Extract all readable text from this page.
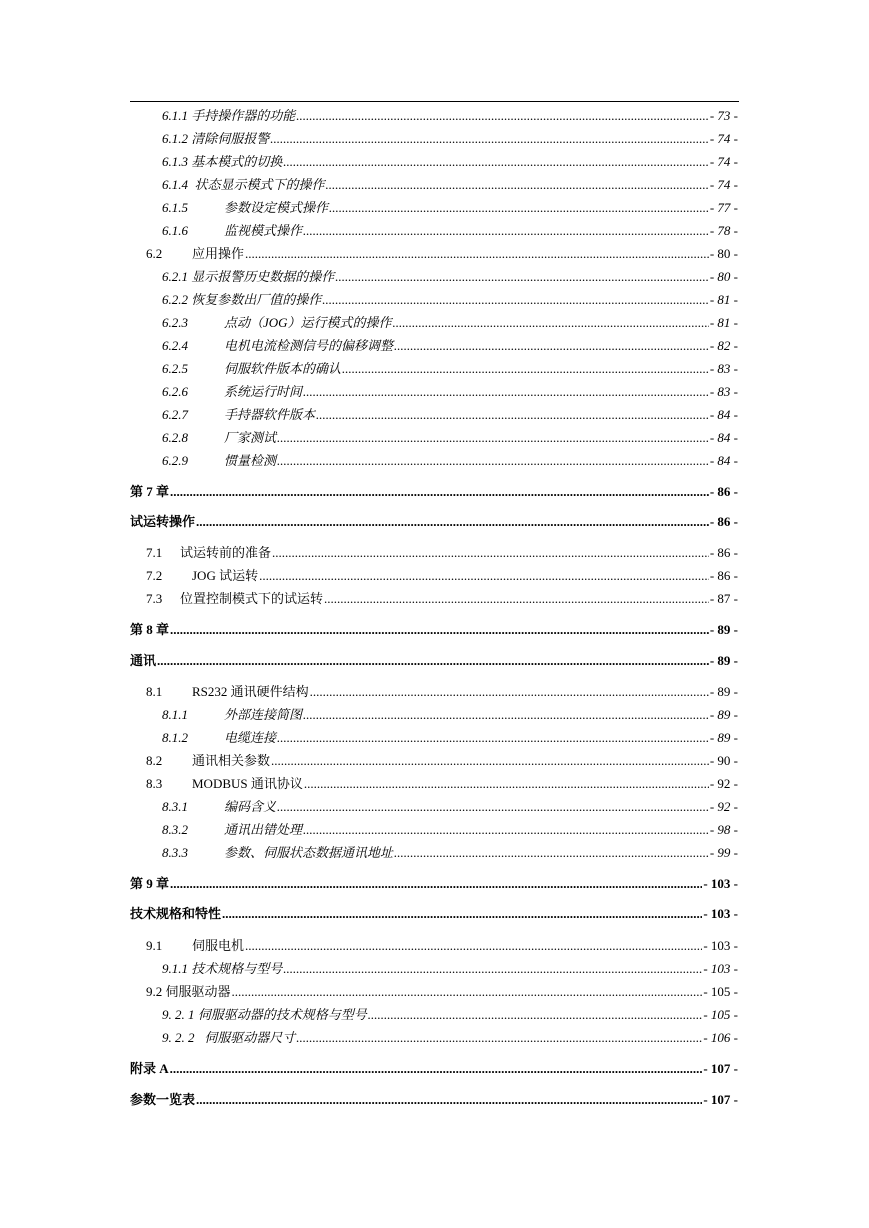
6.1.1 手持操作器的功能 .....	- 73 -
6.1.2 清除伺服报警 .....	- 74 -
6.1.3 基本模式的切换 .....	- 74 -
6.1.4  状态显示模式下的操作 .....	- 74 -
6.1.5	参数设定模式操作 .....	- 77 -
6.1.6	监视模式操作 .....	- 78 -
6.2 应用操作 .....	- 80 -
6.2.1 显示报警历史数据的操作 .....	- 80 -
6.2.2 恢复参数出厂值的操作 .....	- 81 -
6.2.3	点动（JOG）运行模式的操作 .....	- 81 -
6.2.4	电机电流检测信号的偏移调整 .....	- 82 -
6.2.5	伺服软件版本的确认 .....	- 83 -
6.2.6	系统运行时间 .....	- 83 -
6.2.7	手持器软件版本 .....	- 84 -
6.2.8	厂家测试 .....	- 84 -
6.2.9	惯量检测 .....	- 84 -
第 7 章 .....	- 86 -
试运转操作 .....	- 86 -
7.1 试运转前的准备 .....	- 86 -
7.2 JOG 试运转 .....	- 86 -
7.3 位置控制模式下的试运转 .....	- 87 -
第 8 章 .....	- 89 -
通讯 .....	- 89 -
8.1 RS232 通讯硬件结构 .....	- 89 -
8.1.1	外部连接简图 .....	- 89 -
8.1.2	电缆连接 .....	- 89 -
8.2 通讯相关参数 .....	- 90 -
8.3 MODBUS 通讯协议 .....	- 92 -
8.3.1	编码含义 .....	- 92 -
8.3.2	通讯出错处理 .....	- 98 -
8.3.3	参数、伺服状态数据通讯地址 .....	- 99 -
第 9 章 .....	- 103 -
技术规格和特性 .....	- 103 -
9.1 伺服电机 .....	- 103 -
9.1.1 技术规格与型号 .....	- 103 -
9.2 伺服驱动器 .....	- 105 -
9. 2. 1 伺服驱动器的技术规格与型号 .....	- 105 -
9. 2. 2   伺服驱动器尺寸 .....	- 106 -
附录 A .....	- 107 -
参数一览表 .....	- 107 -
